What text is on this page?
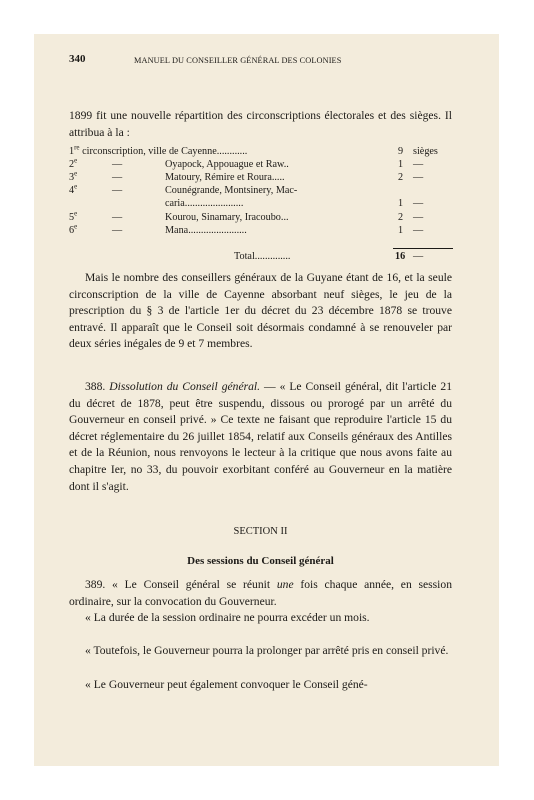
340	MANUEL DU CONSEILLER GÉNÉRAL DES COLONIES
1899 fit une nouvelle répartition des circonscriptions électorales et des sièges. Il attribua à la :
1re circonscription, ville de Cayenne............	9 sièges
2e	—	Oyapock, Appouague et Raw..	1 —
3e	—	Matoury, Rémire et Roura.....	2 —
4e	—	Counégrande, Montsinery, Mac-
caria.......................	1 —
5e	—	Kourou, Sinamary, Iracoubo...	2 —
6e	—	Mana.......................	1 —
Total..............	16 —
Mais le nombre des conseillers généraux de la Guyane étant de 16, et la seule circonscription de la ville de Cayenne absorbant neuf sièges, le jeu de la prescription du § 3 de l'article 1er du décret du 23 décembre 1878 se trouve entravé. Il apparaît que le Conseil soit désormais condamné à se renouveler par deux séries inégales de 9 et 7 membres.
388. Dissolution du Conseil général. — « Le Conseil général, dit l'article 21 du décret de 1878, peut être suspendu, dissous ou prorogé par un arrêté du Gouverneur en conseil privé. » Ce texte ne faisant que reproduire l'article 15 du décret réglementaire du 26 juillet 1854, relatif aux Conseils généraux des Antilles et de la Réunion, nous renvoyons le lecteur à la critique que nous avons faite au chapitre Ier, no 33, du pouvoir exorbitant conféré au Gouverneur en la matière dont il s'agit.
SECTION II
Des sessions du Conseil général
389. « Le Conseil général se réunit une fois chaque année, en session ordinaire, sur la convocation du Gouverneur.
« La durée de la session ordinaire ne pourra excéder un mois.
« Toutefois, le Gouverneur pourra la prolonger par arrêté pris en conseil privé.
« Le Gouverneur peut également convoquer le Conseil géné-
